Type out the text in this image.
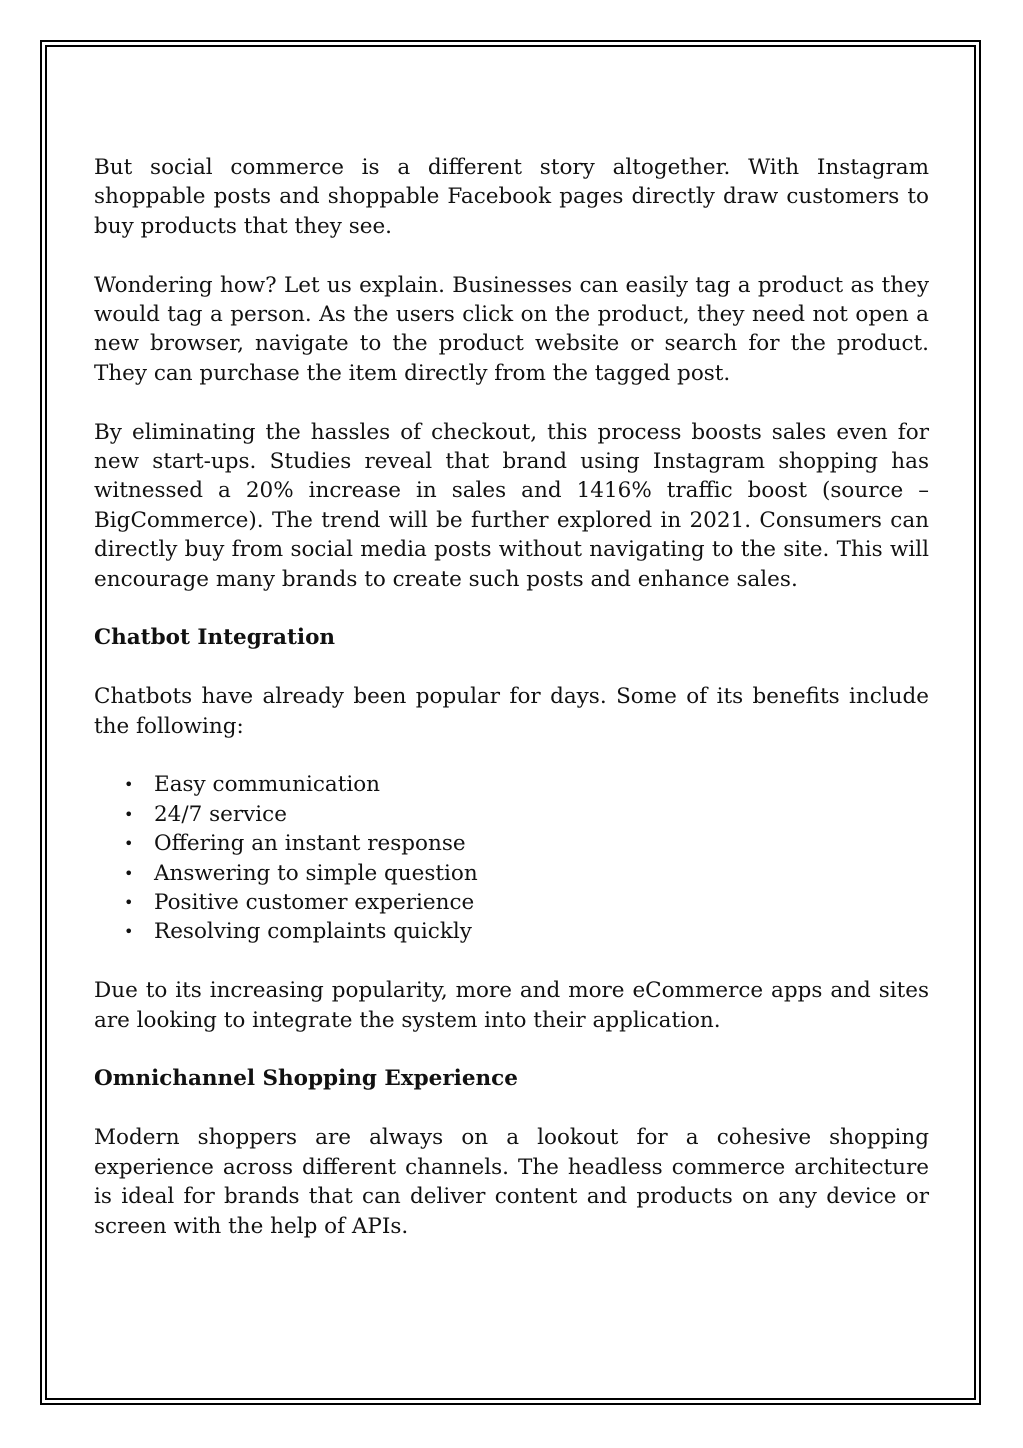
But social commerce is a different story altogether. With Instagram shoppable posts and shoppable Facebook pages directly draw customers to buy products that they see.

Wondering how? Let us explain. Businesses can easily tag a product as they would tag a person. As the users click on the product, they need not open a new browser, navigate to the product website or search for the product. They can purchase the item directly from the tagged post.

By eliminating the hassles of checkout, this process boosts sales even for new start-ups. Studies reveal that brand using Instagram shopping has witnessed a 20% increase in sales and 1416% traffic boost (source – BigCommerce). The trend will be further explored in 2021. Consumers can directly buy from social media posts without navigating to the site. This will encourage many brands to create such posts and enhance sales.

Chatbot Integration

Chatbots have already been popular for days. Some of its benefits include the following:

• Easy communication
• 24/7 service
• Offering an instant response
• Answering to simple question
• Positive customer experience
• Resolving complaints quickly

Due to its increasing popularity, more and more eCommerce apps and sites are looking to integrate the system into their application.

Omnichannel Shopping Experience

Modern shoppers are always on a lookout for a cohesive shopping experience across different channels. The headless commerce architecture is ideal for brands that can deliver content and products on any device or screen with the help of APIs.
